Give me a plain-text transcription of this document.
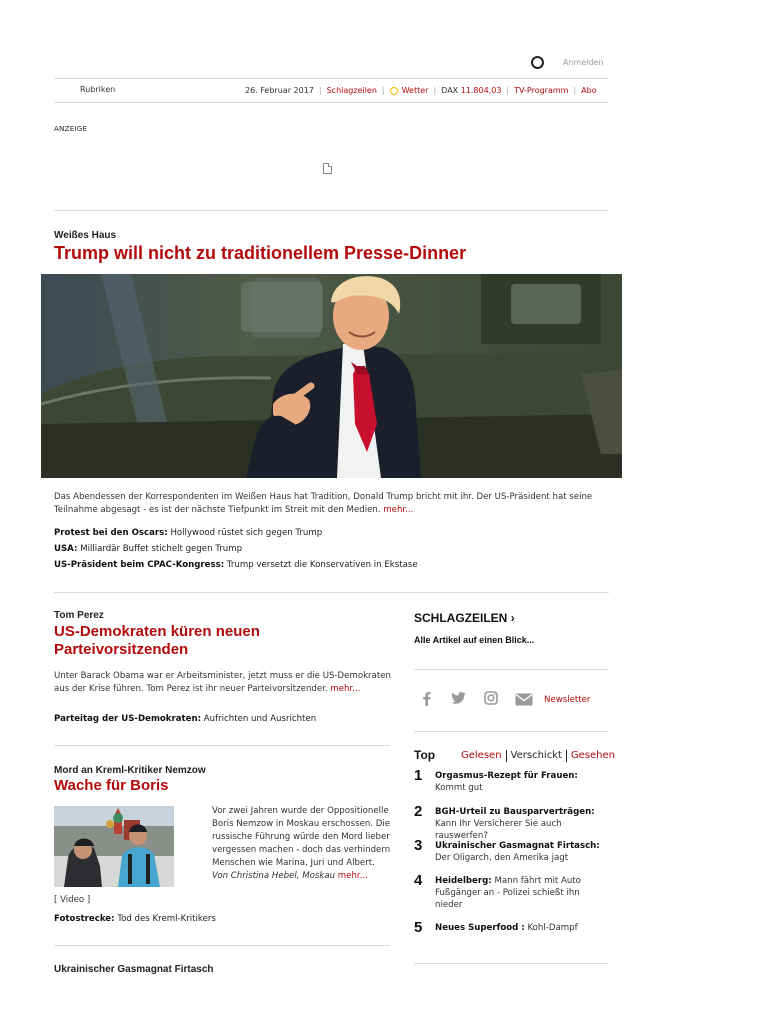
Anmelden
Rubriken	26. Februar 2017 | Schlagzeilen | Wetter | DAX 11.804,03 | TV-Programm | Abo
ANZEIGE
Weißes Haus
Trump will nicht zu traditionellem Presse-Dinner

Das Abendessen der Korrespondenten im Weißen Haus hat Tradition, Donald Trump bricht mit ihr. Der US-Präsident hat seine Teilnahme abgesagt - es ist der nächste Tiefpunkt im Streit mit den Medien. mehr...

Protest bei den Oscars: Hollywood rüstet sich gegen Trump
USA: Milliardär Buffet stichelt gegen Trump
US-Präsident beim CPAC-Kongress: Trump versetzt die Konservativen in Ekstase
Tom Perez
US-Demokraten küren neuen Parteivorsitzenden

Unter Barack Obama war er Arbeitsminister, jetzt muss er die US-Demokraten aus der Krise führen. Tom Perez ist ihr neuer Parteivorsitzender. mehr...

Parteitag der US-Demokraten: Aufrichten und Ausrichten
Mord an Kreml-Kritiker Nemzow
Wache für Boris

Vor zwei Jahren wurde der Oppositionelle Boris Nemzow in Moskau erschossen. Die russische Führung würde den Mord lieber vergessen machen - doch das verhindern Menschen wie Marina, Juri und Albert. Von Christina Hebel, Moskau mehr...

[ Video ]
Fotostrecke: Tod des Kreml-Kritikers
Ukrainischer Gasmagnat Firtasch
SCHLAGZEILEN ›
Alle Artikel auf einen Blick...
Newsletter
Top	Gelesen Verschickt Gesehen
1 Orgasmus-Rezept für Frauen: Kommt gut
2 BGH-Urteil zu Bausparverträgen: Kann Ihr Versicherer Sie auch rauswerfen?
3 Ukrainischer Gasmagnat Firtasch: Der Oligarch, den Amerika jagt
4 Heidelberg: Mann fährt mit Auto Fußgänger an - Polizei schießt ihn nieder
5 Neues Superfood : Kohl-Dampf
